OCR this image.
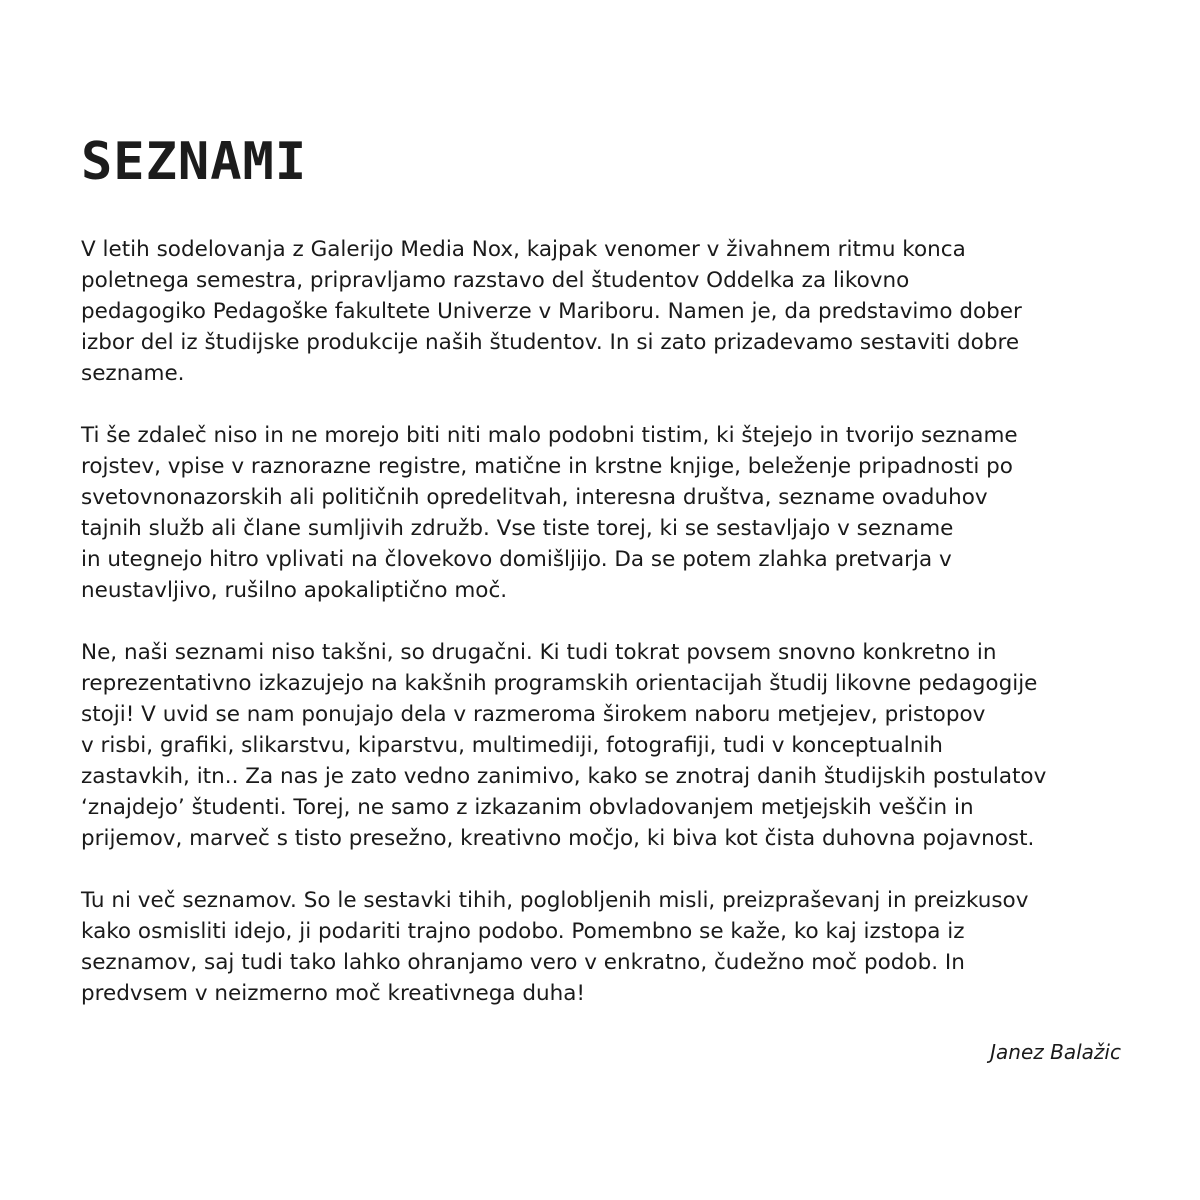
SEZNAMI

V letih sodelovanja z Galerijo Media Nox, kajpak venomer v živahnem ritmu konca
poletnega semestra, pripravljamo razstavo del študentov Oddelka za likovno
pedagogiko Pedagoške fakultete Univerze v Mariboru. Namen je, da predstavimo dober
izbor del iz študijske produkcije naših študentov. In si zato prizadevamo sestaviti dobre
sezname.

Ti še zdaleč niso in ne morejo biti niti malo podobni tistim, ki štejejo in tvorijo sezname
rojstev, vpise v raznorazne registre, matične in krstne knjige, beleženje pripadnosti po
svetovnonazorskih ali političnih opredelitvah, interesna društva, sezname ovaduhov
tajnih služb ali člane sumljivih združb. Vse tiste torej, ki se sestavljajo v sezname
in utegnejo hitro vplivati na človekovo domišljijo. Da se potem zlahka pretvarja v
neustavljivo, rušilno apokaliptično moč.

Ne, naši seznami niso takšni, so drugačni. Ki tudi tokrat povsem snovno konkretno in
reprezentativno izkazujejo na kakšnih programskih orientacijah študij likovne pedagogije
stoji! V uvid se nam ponujajo dela v razmeroma širokem naboru metjejev, pristopov
v risbi, grafiki, slikarstvu, kiparstvu, multimediji, fotografiji, tudi v konceptualnih
zastavkih, itn.. Za nas je zato vedno zanimivo, kako se znotraj danih študijskih postulatov
‘znajdejo’ študenti. Torej, ne samo z izkazanim obvladovanjem metjejskih veščin in
prijemov, marveč s tisto presežno, kreativno močjo, ki biva kot čista duhovna pojavnost.

Tu ni več seznamov. So le sestavki tihih, poglobljenih misli, preizpraševanj in preizkusov
kako osmisliti idejo, ji podariti trajno podobo. Pomembno se kaže, ko kaj izstopa iz
seznamov, saj tudi tako lahko ohranjamo vero v enkratno, čudežno moč podob. In
predvsem v neizmerno moč kreativnega duha!

Janez Balažic
